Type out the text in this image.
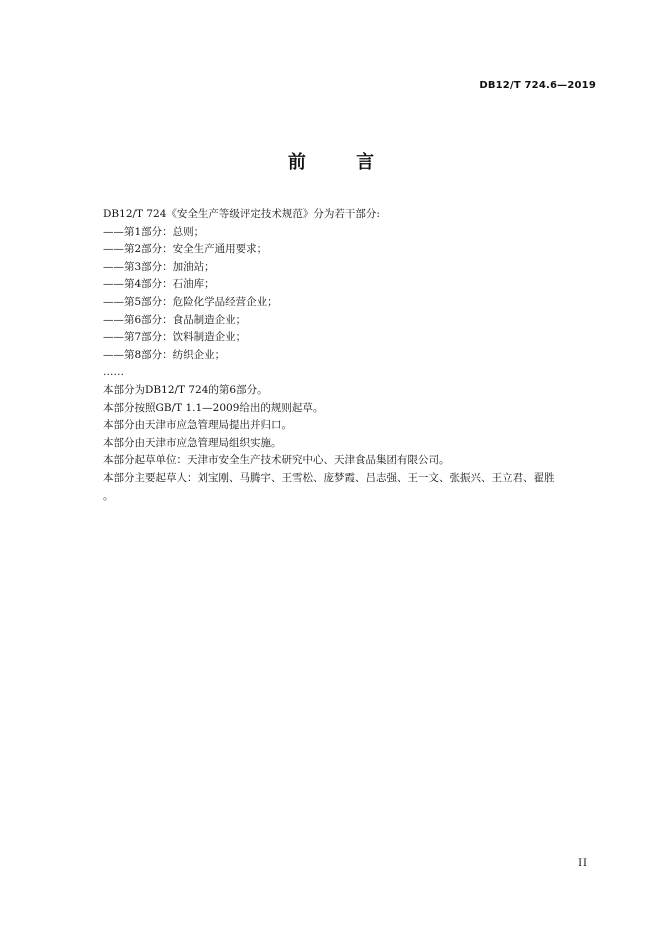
DB12/T 724.6—2019
前 言
DB12/T 724《安全生产等级评定技术规范》分为若干部分:
——第1部分：总则；
——第2部分：安全生产通用要求；
——第3部分：加油站；
——第4部分：石油库；
——第5部分：危险化学品经营企业；
——第6部分：食品制造企业；
——第7部分：饮料制造企业；
——第8部分：纺织企业；
……
本部分为DB12/T 724的第6部分。
本部分按照GB/T 1.1—2009给出的规则起草。
本部分由天津市应急管理局提出并归口。
本部分由天津市应急管理局组织实施。
本部分起草单位：天津市安全生产技术研究中心、天津食品集团有限公司。
本部分主要起草人：刘宝刚、马腾宇、王雪松、庞梦霞、吕志强、王一文、张振兴、王立君、翟胜
。
II
